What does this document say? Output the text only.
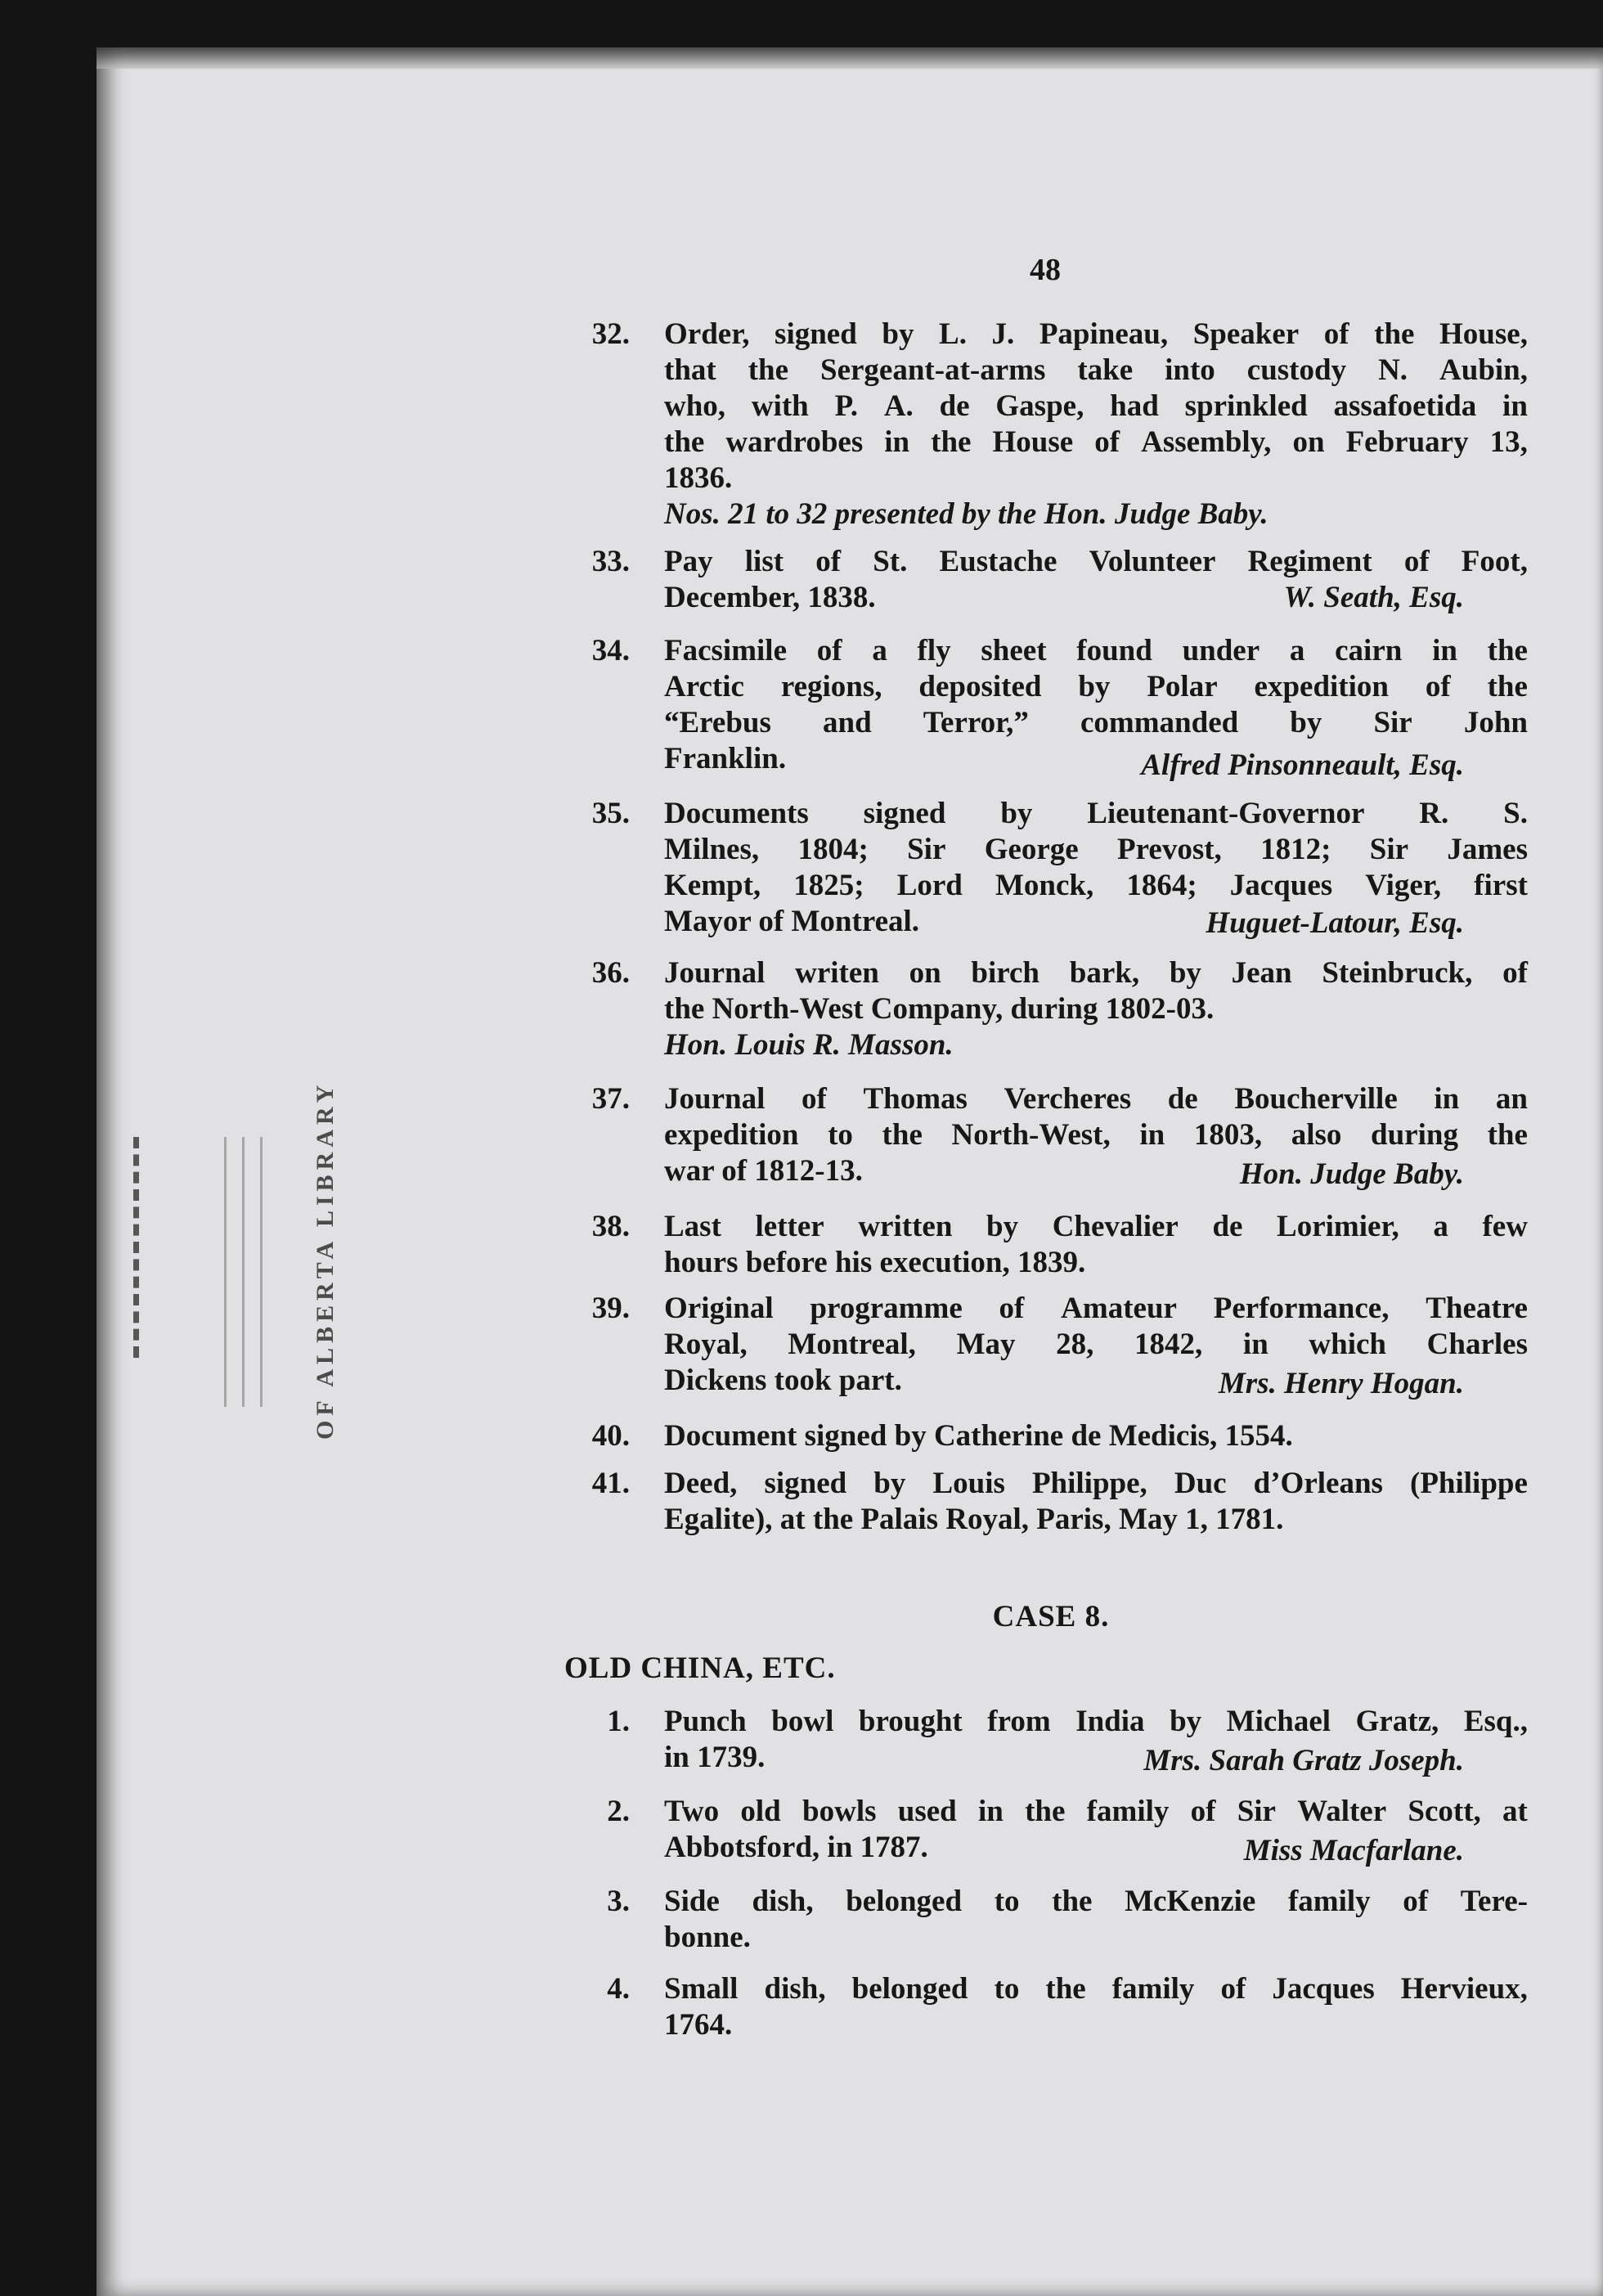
OF ALBERTA LIBRARY
48
32. Order, signed by L. J. Papineau, Speaker of the House,
that the Sergeant-at-arms take into custody N. Aubin,
who, with P. A. de Gaspe, had sprinkled assafoetida in
the wardrobes in the House of Assembly, on February 13,
1836.
Nos. 21 to 32 presented by the Hon. Judge Baby.
33. Pay list of St. Eustache Volunteer Regiment of Foot,
December, 1838.	W. Seath, Esq.
34. Facsimile of a fly sheet found under a cairn in the
Arctic regions, deposited by Polar expedition of the
“Erebus and Terror,” commanded by Sir John
Franklin.	Alfred Pinsonneault, Esq.
35. Documents signed by Lieutenant-Governor R. S.
Milnes, 1804; Sir George Prevost, 1812; Sir James
Kempt, 1825; Lord Monck, 1864; Jacques Viger, first
Mayor of Montreal.	Huguet-Latour, Esq.
36. Journal writen on birch bark, by Jean Steinbruck, of
the North-West Company, during 1802-03.
Hon. Louis R. Masson.
37. Journal of Thomas Vercheres de Boucherville in an
expedition to the North-West, in 1803, also during the
war of 1812-13.	Hon. Judge Baby.
38. Last letter written by Chevalier de Lorimier, a few
hours before his execution, 1839.
39. Original programme of Amateur Performance, Theatre
Royal, Montreal, May 28, 1842, in which Charles
Dickens took part.	Mrs. Henry Hogan.
40. Document signed by Catherine de Medicis, 1554.
41. Deed, signed by Louis Philippe, Duc d’Orleans (Philippe
Egalite), at the Palais Royal, Paris, May 1, 1781.
CASE 8.
OLD CHINA, ETC.
1. Punch bowl brought from India by Michael Gratz, Esq.,
in 1739.	Mrs. Sarah Gratz Joseph.
2. Two old bowls used in the family of Sir Walter Scott, at
Abbotsford, in 1787.	Miss Macfarlane.
3. Side dish, belonged to the McKenzie family of Tere-
bonne.
4. Small dish, belonged to the family of Jacques Hervieux,
1764.
